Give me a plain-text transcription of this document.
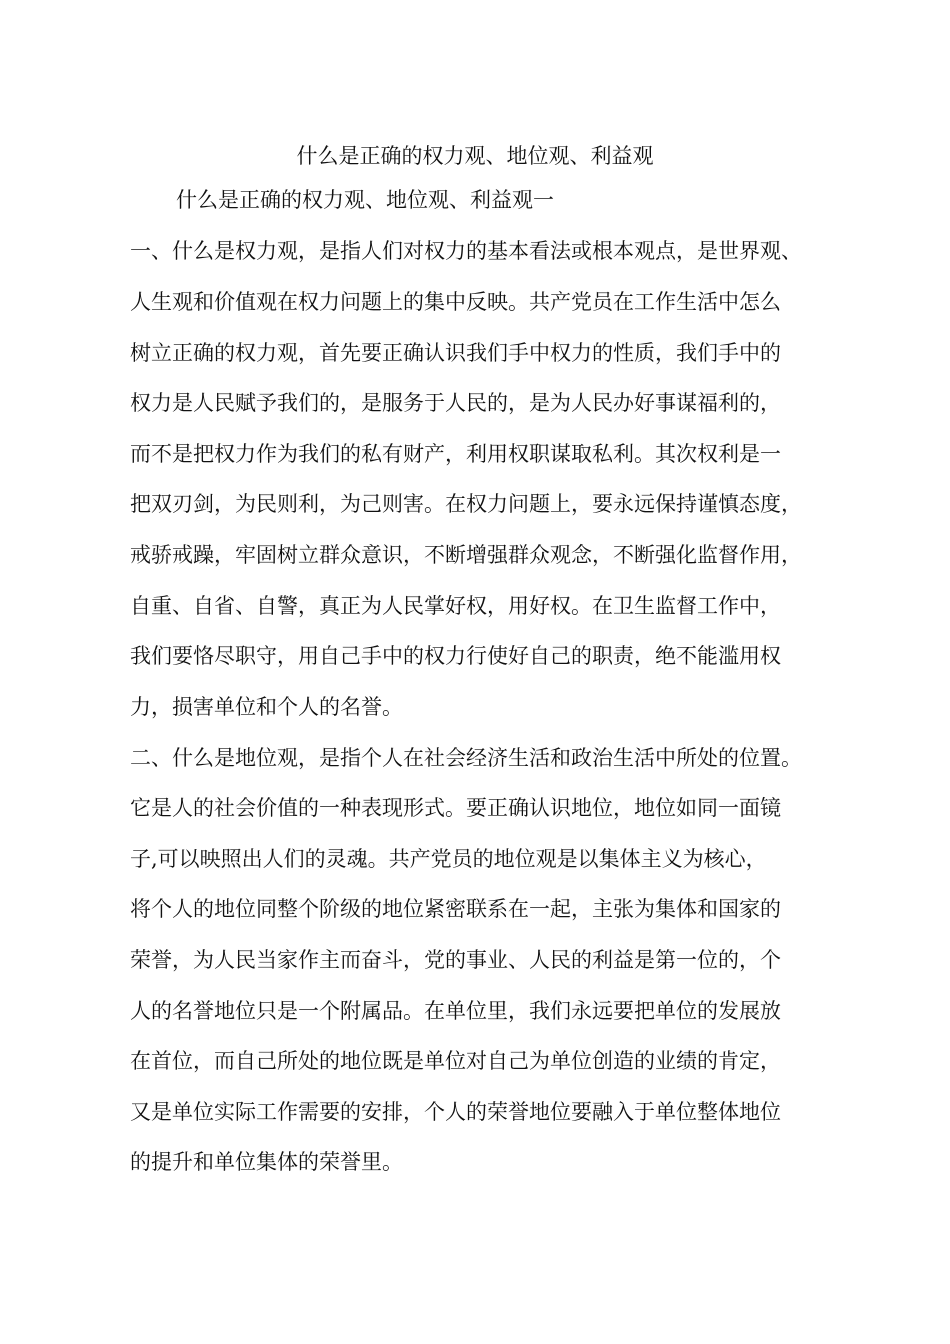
什么是正确的权力观、地位观、利益观
什么是正确的权力观、地位观、利益观一
一、什么是权力观，是指人们对权力的基本看法或根本观点，是世界观、
人生观和价值观在权力问题上的集中反映。共产党员在工作生活中怎么
树立正确的权力观，首先要正确认识我们手中权力的性质，我们手中的
权力是人民赋予我们的，是服务于人民的，是为人民办好事谋福利的，
而不是把权力作为我们的私有财产，利用权职谋取私利。其次权利是一
把双刃剑，为民则利，为己则害。在权力问题上，要永远保持谨慎态度，
戒骄戒躁，牢固树立群众意识，不断增强群众观念，不断强化监督作用，
自重、自省、自警，真正为人民掌好权，用好权。在卫生监督工作中，
我们要恪尽职守，用自己手中的权力行使好自己的职责，绝不能滥用权
力，损害单位和个人的名誉。
二、什么是地位观，是指个人在社会经济生活和政治生活中所处的位置。
它是人的社会价值的一种表现形式。要正确认识地位，地位如同一面镜
子,可以映照出人们的灵魂。共产党员的地位观是以集体主义为核心，
将个人的地位同整个阶级的地位紧密联系在一起，主张为集体和国家的
荣誉，为人民当家作主而奋斗，党的事业、人民的利益是第一位的，个
人的名誉地位只是一个附属品。在单位里，我们永远要把单位的发展放
在首位，而自己所处的地位既是单位对自己为单位创造的业绩的肯定，
又是单位实际工作需要的安排，个人的荣誉地位要融入于单位整体地位
的提升和单位集体的荣誉里。
